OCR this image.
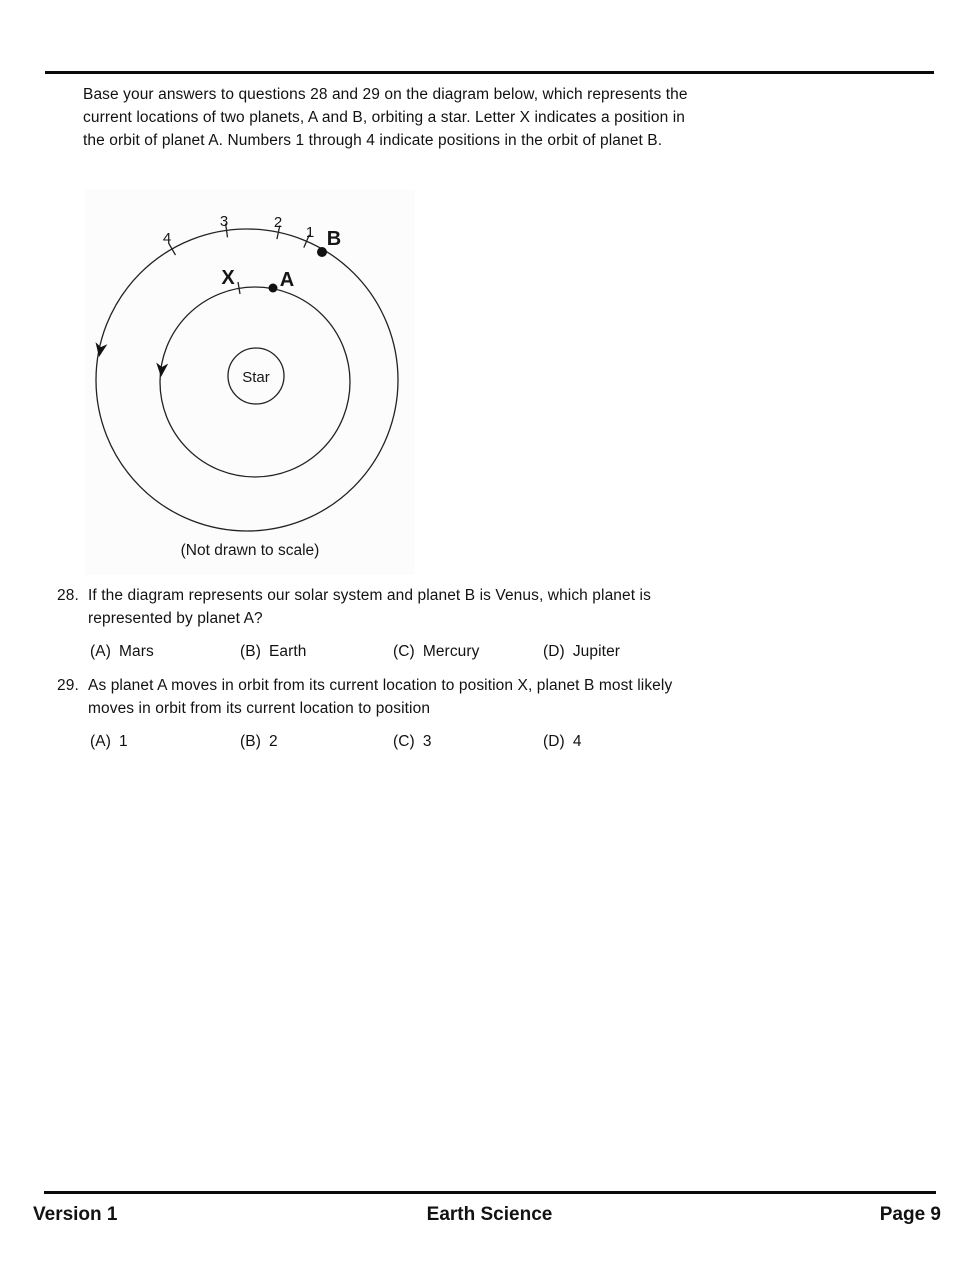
Base your answers to questions 28 and 29 on the diagram below, which represents the
current locations of two planets, A and B, orbiting a star. Letter X indicates a position in
the orbit of planet A. Numbers 1 through 4 indicate positions in the orbit of planet B.
Star
1
2
3
4	B
A
X
(Not drawn to scale)
28. If the diagram represents our solar system and planet B is Venus, which planet is
represented by planet A?
(A) Mars	(B) Earth	(C) Mercury	(D) Jupiter
29. As planet A moves in orbit from its current location to position X, planet B most likely
moves in orbit from its current location to position
(A) 1	(B) 2	(C) 3	(D) 4
Earth Science
Version 1	Page 9
